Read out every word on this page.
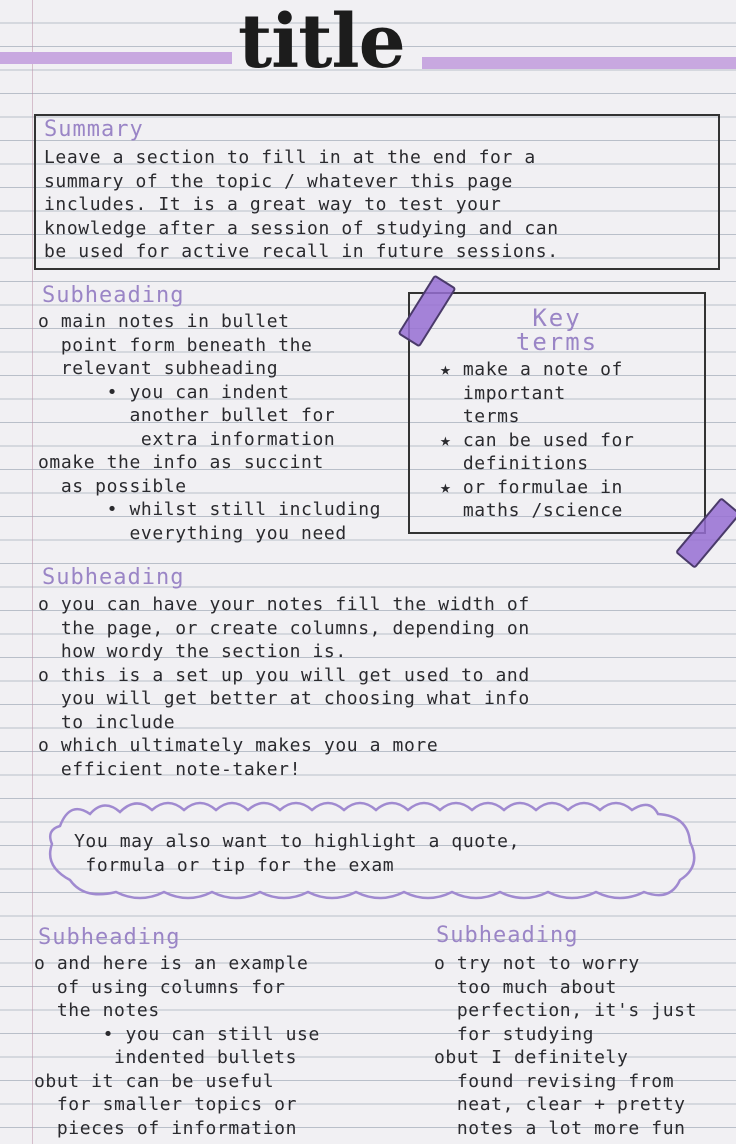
title
Summary
Leave a section to fill in at the end for a
summary of the topic / whatever this page
includes. It is a great way to test your
knowledge after a session of studying and can
be used for active recall in future sessions.
Subheading
o main notes in bullet
point form beneath the
relevant subheading
• you can indent
another bullet for
extra information
omake the info as succint
as possible
• whilst still including
everything you need
Key
terms
★ make a note of
important
terms
★ can be used for
definitions
★ or formulae in
maths /science
Subheading
o you can have your notes fill the width of
the page, or create columns, depending on
how wordy the section is.
o this is a set up you will get used to and
you will get better at choosing what info
to include
o which ultimately makes you a more
efficient note-taker!
You may also want to highlight a quote,
formula or tip for the exam
Subheading
o and here is an example
of using columns for
the notes
• you can still use
indented bullets
obut it can be useful
for smaller topics or
pieces of information
Subheading
o try not to worry
too much about
perfection, it's just
for studying
obut I definitely
found revising from
neat, clear + pretty
notes a lot more fun
